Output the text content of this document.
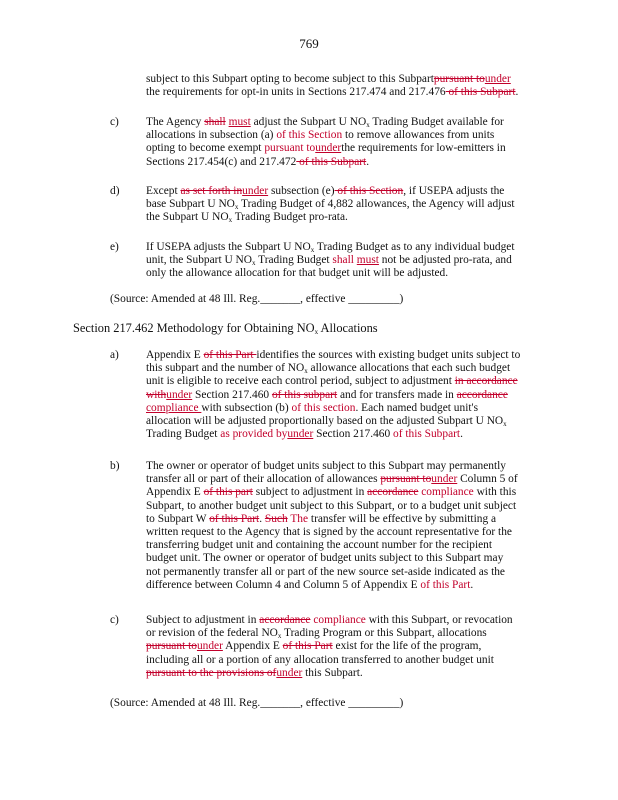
769
subject to this Subpart opting to become subject to this Subpartpursuant tounder
the requirements for opt-in units in Sections 217.474 and 217.476 of this Subpart.
c) The Agency shall must adjust the Subpart U $NO_x$ Trading Budget available for
allocations in subsection (a) of this Section to remove allowances from units
opting to become exempt pursuant tounderthe requirements for low-emitters in
Sections 217.454(c) and 217.472 of this Subpart.
d) Except as set forth inunder subsection (e) of this Section, if USEPA adjusts the
base Subpart U $NO_x$ Trading Budget of 4,882 allowances, the Agency will adjust
the Subpart U $NO_x$ Trading Budget pro-rata.
e) If USEPA adjusts the Subpart U $NO_x$ Trading Budget as to any individual budget
unit, the Subpart U $NO_x$ Trading Budget shall must not be adjusted pro-rata, and
only the allowance allocation for that budget unit will be adjusted.
(Source: Amended at 48 Ill. Reg._______, effective _________)
Section 217.462 Methodology for Obtaining $NO_x$ Allocations
a) Appendix E of this Part identifies the sources with existing budget units subject to
this subpart and the number of $NO_x$ allowance allocations that each such budget
unit is eligible to receive each control period, subject to adjustment in accordance
withunder Section 217.460 of this subpart and for transfers made in accordance
compliance with subsection (b) of this section. Each named budget unit's
allocation will be adjusted proportionally based on the adjusted Subpart U $NO_x$
Trading Budget as provided byunder Section 217.460 of this Subpart.
b) The owner or operator of budget units subject to this Subpart may permanently
transfer all or part of their allocation of allowances pursuant tounder Column 5 of
Appendix E of this part subject to adjustment in accordance compliance with this
Subpart, to another budget unit subject to this Subpart, or to a budget unit subject
to Subpart W of this Part. Such The transfer will be effective by submitting a
written request to the Agency that is signed by the account representative for the
transferring budget unit and containing the account number for the recipient
budget unit. The owner or operator of budget units subject to this Subpart may
not permanently transfer all or part of the new source set-aside indicated as the
difference between Column 4 and Column 5 of Appendix E of this Part.
c) Subject to adjustment in accordance compliance with this Subpart, or revocation
or revision of the federal $NO_x$ Trading Program or this Subpart, allocations
pursuant tounder Appendix E of this Part exist for the life of the program,
including all or a portion of any allocation transferred to another budget unit
pursuant to the provisions ofunder this Subpart.
(Source: Amended at 48 Ill. Reg._______, effective _________)
